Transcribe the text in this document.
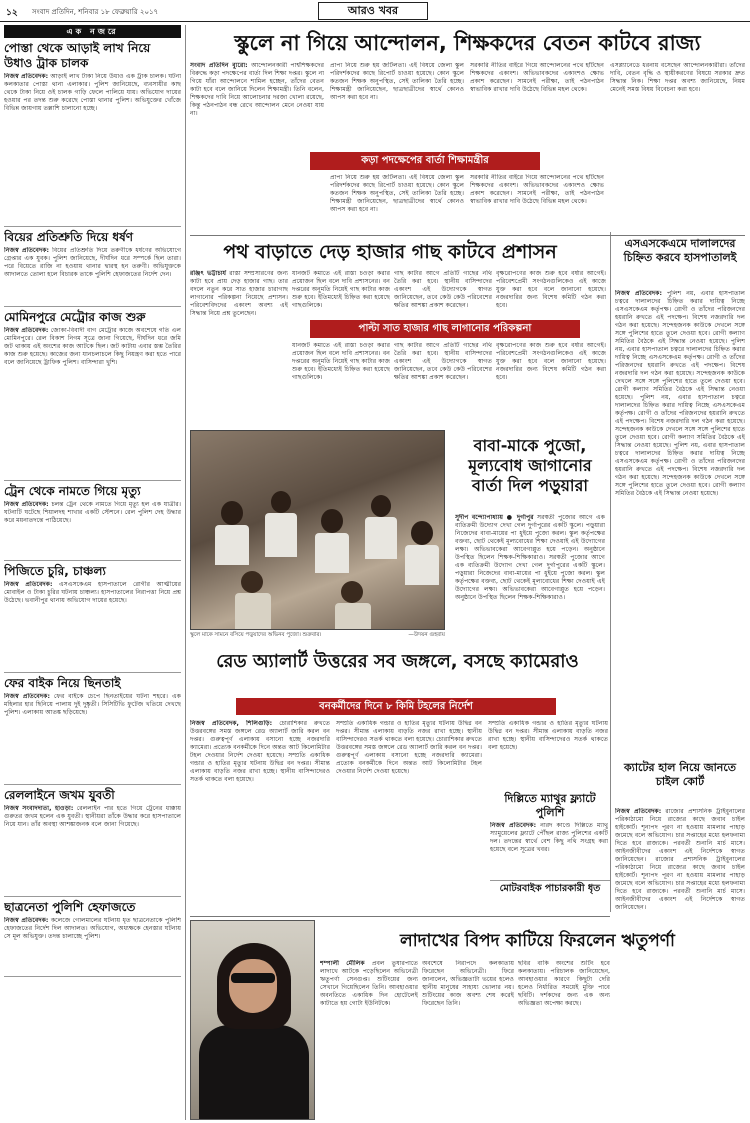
১২ সংবাদ প্রতিদিন, শনিবার ১৮ ফেব্রুয়ারি ২০১৭	আরও খবর
এক নজরে
পোস্তা থেকে আড়াই লাখ নিয়ে উধাও ট্রাক চালক
নিজস্ব প্রতিবেদক: আড়াই লাখ টাকা নিয়ে উধাও এক ট্রাক চালক। ঘটনা কলকাতার পোস্তা থানা এলাকার। পুলিশ জানিয়েছে, ব্যবসায়ীর কাছ থেকে টাকা নিয়ে ওই চালক গাড়ি ফেলে পালিয়ে যায়। অভিযোগ দায়ের হওয়ার পর তদন্ত শুরু করেছে পোস্তা থানার পুলিশ। অভিযুক্তের খোঁজে বিভিন্ন জায়গায় তল্লাশি চালানো হচ্ছে।
বিয়ের প্রতিশ্রুতি দিয়ে ধর্ষণ
নিজস্ব প্রতিবেদক: বিয়ের প্রতিশ্রুতি দিয়ে তরুণীকে ধর্ষণের অভিযোগে গ্রেপ্তার এক যুবক। পুলিশ জানিয়েছে, দীর্ঘদিন ধরে সম্পর্কে ছিল তারা। পরে বিয়েতে রাজি না হওয়ায় থানার দ্বারস্থ হন তরুণী। অভিযুক্তকে আদালতে তোলা হলে বিচারক তাকে পুলিশি হেফাজতের নির্দেশ দেন।
মোমিনপুরে মেট্রোর কাজ শুরু
নিজস্ব প্রতিবেদক: জোকা-বিবাদী বাগ মেট্রোর কাজে অবশেষে গতি এল মোমিনপুরে। রেল বিকাশ নিগম সূত্রে জানা গিয়েছে, দীর্ঘদিন ধরে জমি জট থাকায় এই অংশের কাজ আটকে ছিল। জট কাটায় এবার স্তম্ভ তৈরির কাজ শুরু হয়েছে। কাজের জন্য যানচলাচলে কিছু নিয়ন্ত্রণ করা হতে পারে বলে জানিয়েছে ট্রাফিক পুলিশ। বাসিন্দারা খুশি।
ট্রেন থেকে নামতে গিয়ে মৃত্যু
নিজস্ব প্রতিবেদক: চলন্ত ট্রেন থেকে নামতে গিয়ে মৃত্যু হল এক যাত্রীর। ঘটনাটি ঘটেছে শিয়ালদহ শাখার একটি স্টেশনে। রেল পুলিশ দেহ উদ্ধার করে ময়নাতদন্তে পাঠিয়েছে।
পিজিতে চুরি, চাঞ্চল্য
নিজস্ব প্রতিবেদক: এসএসকেএম হাসপাতালে রোগীর আত্মীয়ের মোবাইল ও টাকা চুরির ঘটনায় চাঞ্চল্য। হাসপাতালের নিরাপত্তা নিয়ে প্রশ্ন উঠেছে। ভবানীপুর থানায় অভিযোগ দায়ের হয়েছে।
ফের বাইক নিয়ে ছিনতাই
নিজস্ব প্রতিবেদক: ফের বাইকে চেপে ছিনতাইয়ের ঘটনা শহরে। এক মহিলার হার ছিনিয়ে পালায় দুই দুষ্কৃতী। সিসিটিভি ফুটেজ খতিয়ে দেখছে পুলিশ। এলাকায় আতঙ্ক ছড়িয়েছে।
রেললাইনে জখম যুবতী
নিজস্ব সংবাদদাতা, হাওড়া: রেললাইন পার হতে গিয়ে ট্রেনের ধাক্কায় গুরুতর জখম হলেন এক যুবতী। স্থানীয়রা তাঁকে উদ্ধার করে হাসপাতালে নিয়ে যান। তাঁর অবস্থা আশঙ্কাজনক বলে জানা গিয়েছে।
ছাত্রনেতা পুলিশি হেফাজতে
নিজস্ব প্রতিবেদক: কলেজে গোলমালের ঘটনায় ধৃত ছাত্রনেতাকে পুলিশি হেফাজতের নির্দেশ দিল আদালত। অভিযোগ, অধ্যক্ষকে হেনস্তার ঘটনায় সে মূল অভিযুক্ত। তদন্ত চালাচ্ছে পুলিশ।
স্কুলে না গিয়ে আন্দোলন, শিক্ষকদের বেতন কাটবে রাজ্য
সংবাদ প্রতিদিন ব্যুরো: আন্দোলনকারী পার্শ্বশিক্ষকদের বিরুদ্ধে কড়া পদক্ষেপের বার্তা দিল শিক্ষা দপ্তর। স্কুলে না গিয়ে যাঁরা আন্দোলনে শামিল হচ্ছেন, তাঁদের বেতন কাটা হবে বলে জানিয়ে দিলেন শিক্ষামন্ত্রী। তিনি বলেন, শিক্ষকদের দাবি নিয়ে আলোচনার দরজা খোলা রয়েছে, কিন্তু পঠনপাঠন বন্ধ রেখে আন্দোলন মেনে নেওয়া যায় না।
প্রাপ্য নিয়ে শুরু হয় জটিলতা। এই বিষয়ে জেলা স্কুল পরিদর্শকদের কাছে রিপোর্ট চাওয়া হয়েছে। কোন স্কুলে কতজন শিক্ষক অনুপস্থিত, সেই তালিকা তৈরি হচ্ছে। শিক্ষামন্ত্রী জানিয়েছেন, ছাত্রছাত্রীদের স্বার্থে কোনও আপস করা হবে না।
সরকারি নীতির বাইরে গিয়ে আন্দোলনের পথে হাঁটছেন শিক্ষকদের একাংশ। অভিভাবকদের একাংশও ক্ষোভ প্রকাশ করেছেন। সামনেই পরীক্ষা, তাই পঠনপাঠন স্বাভাবিক রাখার দাবি উঠেছে বিভিন্ন মহল থেকে।
এসপ্ল্যানেডে ধরনায় বসেছেন আন্দোলনকারীরা। তাঁদের দাবি, বেতন বৃদ্ধি ও স্থায়ীকরণের বিষয়ে সরকার দ্রুত সিদ্ধান্ত নিক। শিক্ষা দপ্তর অবশ্য জানিয়েছে, নিয়ম মেনেই সমস্ত বিষয় বিবেচনা করা হবে।
কড়া পদক্ষেপের বার্তা শিক্ষামন্ত্রীর
প্রাপ্য নিয়ে শুরু হয় জটিলতা। এই বিষয়ে জেলা স্কুল পরিদর্শকদের কাছে রিপোর্ট চাওয়া হয়েছে। কোন স্কুলে কতজন শিক্ষক অনুপস্থিত, সেই তালিকা তৈরি হচ্ছে। শিক্ষামন্ত্রী জানিয়েছেন, ছাত্রছাত্রীদের স্বার্থে কোনও আপস করা হবে না।
সরকারি নীতির বাইরে গিয়ে আন্দোলনের পথে হাঁটছেন শিক্ষকদের একাংশ। অভিভাবকদের একাংশও ক্ষোভ প্রকাশ করেছেন। সামনেই পরীক্ষা, তাই পঠনপাঠন স্বাভাবিক রাখার দাবি উঠেছে বিভিন্ন মহল থেকে।
পথ বাড়াতে দেড় হাজার গাছ কাটবে প্রশাসন
রঞ্জিৎ ভট্টাচার্য রাস্তা সম্প্রসারণের জন্য কাটা হবে প্রায় দেড় হাজার গাছ। তার বদলে নতুন করে সাত হাজার চারাগাছ লাগানোর পরিকল্পনা নিয়েছে প্রশাসন। পরিবেশবিদদের একাংশ অবশ্য এই সিদ্ধান্ত নিয়ে প্রশ্ন তুলেছেন।
যানজট কমাতে এই রাস্তা চওড়া করার প্রয়োজন ছিল বলে দাবি প্রশাসনের। বন দপ্তরের অনুমতি নিয়েই গাছ কাটার কাজ শুরু হবে। ইতিমধ্যেই চিহ্নিত করা হয়েছে গাছগুলিকে।
গাছ কাটার আগে প্রতিটি গাছের নথি তৈরি করা হবে। স্থানীয় বাসিন্দাদের একাংশ এই উদ্যোগকে স্বাগত জানিয়েছেন, তবে কেউ কেউ পরিবেশের ক্ষতির আশঙ্কা প্রকাশ করেছেন।
বৃক্ষরোপণের কাজ শুরু হবে বর্ষার আগেই। পরিবেশপ্রেমী সংগঠনগুলিকেও এই কাজে যুক্ত করা হবে বলে জানানো হয়েছে। নজরদারির জন্য বিশেষ কমিটি গঠন করা হবে।
পাল্টা সাত হাজার গাছ লাগানোর পরিকল্পনা
যানজট কমাতে এই রাস্তা চওড়া করার প্রয়োজন ছিল বলে দাবি প্রশাসনের। বন দপ্তরের অনুমতি নিয়েই গাছ কাটার কাজ শুরু হবে। ইতিমধ্যেই চিহ্নিত করা হয়েছে গাছগুলিকে।
গাছ কাটার আগে প্রতিটি গাছের নথি তৈরি করা হবে। স্থানীয় বাসিন্দাদের একাংশ এই উদ্যোগকে স্বাগত জানিয়েছেন, তবে কেউ কেউ পরিবেশের ক্ষতির আশঙ্কা প্রকাশ করেছেন।
বৃক্ষরোপণের কাজ শুরু হবে বর্ষার আগেই। পরিবেশপ্রেমী সংগঠনগুলিকেও এই কাজে যুক্ত করা হবে বলে জানানো হয়েছে। নজরদারির জন্য বিশেষ কমিটি গঠন করা হবে।
এসএসকেএমে দালালদের চিহ্নিত করবে হাসপাতালই
নিজস্ব প্রতিবেদক: পুলিশ নয়, এবার হাসপাতাল চত্বরে দালালদের চিহ্নিত করার দায়িত্ব নিচ্ছে এসএসকেএম কর্তৃপক্ষ। রোগী ও তাঁদের পরিজনদের হয়রানি রুখতে এই পদক্ষেপ। বিশেষ নজরদারি দল গঠন করা হয়েছে। সন্দেহজনক কাউকে দেখলে সঙ্গে সঙ্গে পুলিশের হাতে তুলে দেওয়া হবে। রোগী কল্যাণ সমিতির বৈঠকে এই সিদ্ধান্ত নেওয়া হয়েছে। পুলিশ নয়, এবার হাসপাতাল চত্বরে দালালদের চিহ্নিত করার দায়িত্ব নিচ্ছে এসএসকেএম কর্তৃপক্ষ। রোগী ও তাঁদের পরিজনদের হয়রানি রুখতে এই পদক্ষেপ। বিশেষ নজরদারি দল গঠন করা হয়েছে। সন্দেহজনক কাউকে দেখলে সঙ্গে সঙ্গে পুলিশের হাতে তুলে দেওয়া হবে। রোগী কল্যাণ সমিতির বৈঠকে এই সিদ্ধান্ত নেওয়া হয়েছে। পুলিশ নয়, এবার হাসপাতাল চত্বরে দালালদের চিহ্নিত করার দায়িত্ব নিচ্ছে এসএসকেএম কর্তৃপক্ষ। রোগী ও তাঁদের পরিজনদের হয়রানি রুখতে এই পদক্ষেপ। বিশেষ নজরদারি দল গঠন করা হয়েছে। সন্দেহজনক কাউকে দেখলে সঙ্গে সঙ্গে পুলিশের হাতে তুলে দেওয়া হবে। রোগী কল্যাণ সমিতির বৈঠকে এই সিদ্ধান্ত নেওয়া হয়েছে। পুলিশ নয়, এবার হাসপাতাল চত্বরে দালালদের চিহ্নিত করার দায়িত্ব নিচ্ছে এসএসকেএম কর্তৃপক্ষ। রোগী ও তাঁদের পরিজনদের হয়রানি রুখতে এই পদক্ষেপ। বিশেষ নজরদারি দল গঠন করা হয়েছে। সন্দেহজনক কাউকে দেখলে সঙ্গে সঙ্গে পুলিশের হাতে তুলে দেওয়া হবে। রোগী কল্যাণ সমিতির বৈঠকে এই সিদ্ধান্ত নেওয়া হয়েছে।
স্কুলে মাকে সামনে বসিয়ে পড়ুয়াদের অভিনব পুজো। শুক্রবার।	—উদয়ন গুহরায়
বাবা-মাকে পুজো, মূল্যবোধ জাগানোর বার্তা দিল পড়ুয়ারা
সুদীপ বন্দ্যোপাধ্যায় ● দুর্গাপুর সরস্বতী পুজোর আগে এক ব্যতিক্রমী উদ্যোগ দেখা গেল দুর্গাপুরের একটি স্কুলে। পড়ুয়ারা নিজেদের বাবা-মায়ের পা ধুইয়ে পুজো করল। স্কুল কর্তৃপক্ষের বক্তব্য, ছোট থেকেই মূল্যবোধের শিক্ষা দেওয়াই এই উদ্যোগের লক্ষ্য। অভিভাবকেরা আবেগাপ্লুত হয়ে পড়েন। অনুষ্ঠানে উপস্থিত ছিলেন শিক্ষক-শিক্ষিকারাও। সরস্বতী পুজোর আগে এক ব্যতিক্রমী উদ্যোগ দেখা গেল দুর্গাপুরের একটি স্কুলে। পড়ুয়ারা নিজেদের বাবা-মায়ের পা ধুইয়ে পুজো করল। স্কুল কর্তৃপক্ষের বক্তব্য, ছোট থেকেই মূল্যবোধের শিক্ষা দেওয়াই এই উদ্যোগের লক্ষ্য। অভিভাবকেরা আবেগাপ্লুত হয়ে পড়েন। অনুষ্ঠানে উপস্থিত ছিলেন শিক্ষক-শিক্ষিকারাও।
রেড অ্যালার্ট উত্তরের সব জঙ্গলে, বসছে ক্যামেরাও
বনকর্মীদের দিনে ৮ কিমি টহলের নির্দেশ
নিজস্ব প্রতিবেদক, শিলিগুড়ি: চোরাশিকার রুখতে উত্তরবঙ্গের সমস্ত জঙ্গলে রেড অ্যালার্ট জারি করল বন দপ্তর। গুরুত্বপূর্ণ এলাকায় বসানো হচ্ছে নজরদারি ক্যামেরা। প্রত্যেক বনকর্মীকে দিনে অন্তত আট কিলোমিটার টহল দেওয়ার নির্দেশ দেওয়া হয়েছে। সম্প্রতি একাধিক গন্ডার ও হাতির মৃত্যুর ঘটনায় উদ্বিগ্ন বন দপ্তর। সীমান্ত এলাকায় বাড়তি নজর রাখা হচ্ছে। স্থানীয় বাসিন্দাদেরও সতর্ক থাকতে বলা হয়েছে।
সম্প্রতি একাধিক গন্ডার ও হাতির মৃত্যুর ঘটনায় উদ্বিগ্ন বন দপ্তর। সীমান্ত এলাকায় বাড়তি নজর রাখা হচ্ছে। স্থানীয় বাসিন্দাদেরও সতর্ক থাকতে বলা হয়েছে। চোরাশিকার রুখতে উত্তরবঙ্গের সমস্ত জঙ্গলে রেড অ্যালার্ট জারি করল বন দপ্তর। গুরুত্বপূর্ণ এলাকায় বসানো হচ্ছে নজরদারি ক্যামেরা। প্রত্যেক বনকর্মীকে দিনে অন্তত আট কিলোমিটার টহল দেওয়ার নির্দেশ দেওয়া হয়েছে।
সম্প্রতি একাধিক গন্ডার ও হাতির মৃত্যুর ঘটনায় উদ্বিগ্ন বন দপ্তর। সীমান্ত এলাকায় বাড়তি নজর রাখা হচ্ছে। স্থানীয় বাসিন্দাদেরও সতর্ক থাকতে বলা হয়েছে।
দিল্লিতে ম্যাথুর ফ্ল্যাটে পুলিশি
নিজস্ব প্রতিবেদক: নারদ কাণ্ডে দিল্লিতে ম্যাথু স্যামুয়েলের ফ্ল্যাটে পৌঁছল রাজ্য পুলিশের একটি দল। তদন্তের স্বার্থে বেশ কিছু নথি সংগ্রহ করা হয়েছে বলে সূত্রের খবর।
মোটরবাইক পাচারকারী ধৃত
ক্যাটের হাল নিয়ে জানতে চাইল কোর্ট
নিজস্ব প্রতিবেদক: রাজ্যের প্রশাসনিক ট্রাইবুনালের পরিকাঠামো নিয়ে রাজ্যের কাছে জবাব চাইল হাইকোর্ট। শূন্যপদ পূরণ না হওয়ায় মামলার পাহাড় জমেছে বলে অভিযোগ। চার সপ্তাহের মধ্যে হলফনামা দিতে হবে রাজ্যকে। পরবর্তী শুনানি মার্চ মাসে। আইনজীবীদের একাংশ এই নির্দেশকে স্বাগত জানিয়েছেন। রাজ্যের প্রশাসনিক ট্রাইবুনালের পরিকাঠামো নিয়ে রাজ্যের কাছে জবাব চাইল হাইকোর্ট। শূন্যপদ পূরণ না হওয়ায় মামলার পাহাড় জমেছে বলে অভিযোগ। চার সপ্তাহের মধ্যে হলফনামা দিতে হবে রাজ্যকে। পরবর্তী শুনানি মার্চ মাসে। আইনজীবীদের একাংশ এই নির্দেশকে স্বাগত জানিয়েছেন।
লাদাখের বিপদ কাটিয়ে ফিরলেন ঋতুপর্ণা
শম্পালী মৌলিক প্রবল তুষারপাতে লাদাখে আটকে পড়েছিলেন অভিনেত্রী ঋতুপর্ণা সেনগুপ্ত। শুটিংয়ের জন্য সেখানে গিয়েছিলেন তিনি। আবহাওয়ার অবনতিতে একাধিক দিন হোটেলেই কাটাতে হয় গোটা ইউনিটকে।
অবশেষে নিরাপদে কলকাতায় ফিরেছেন অভিনেত্রী। ফিরে জানালেন, অভিজ্ঞতাটা ভয়ের হলেও স্থানীয় মানুষের সাহায্য ভোলার নয়। শুটিংয়ের কাজ অবশ্য শেষ করেই ফিরেছেন তিনি।
ছবির বাকি অংশের শুটিং হবে কলকাতায়। পরিচালক জানিয়েছেন, আবহাওয়ার কারণে কিছুটা দেরি হলেও নির্ধারিত সময়েই মুক্তি পাবে ছবিটি। দর্শকদের জন্য এক অন্য অভিজ্ঞতা অপেক্ষা করছে।
